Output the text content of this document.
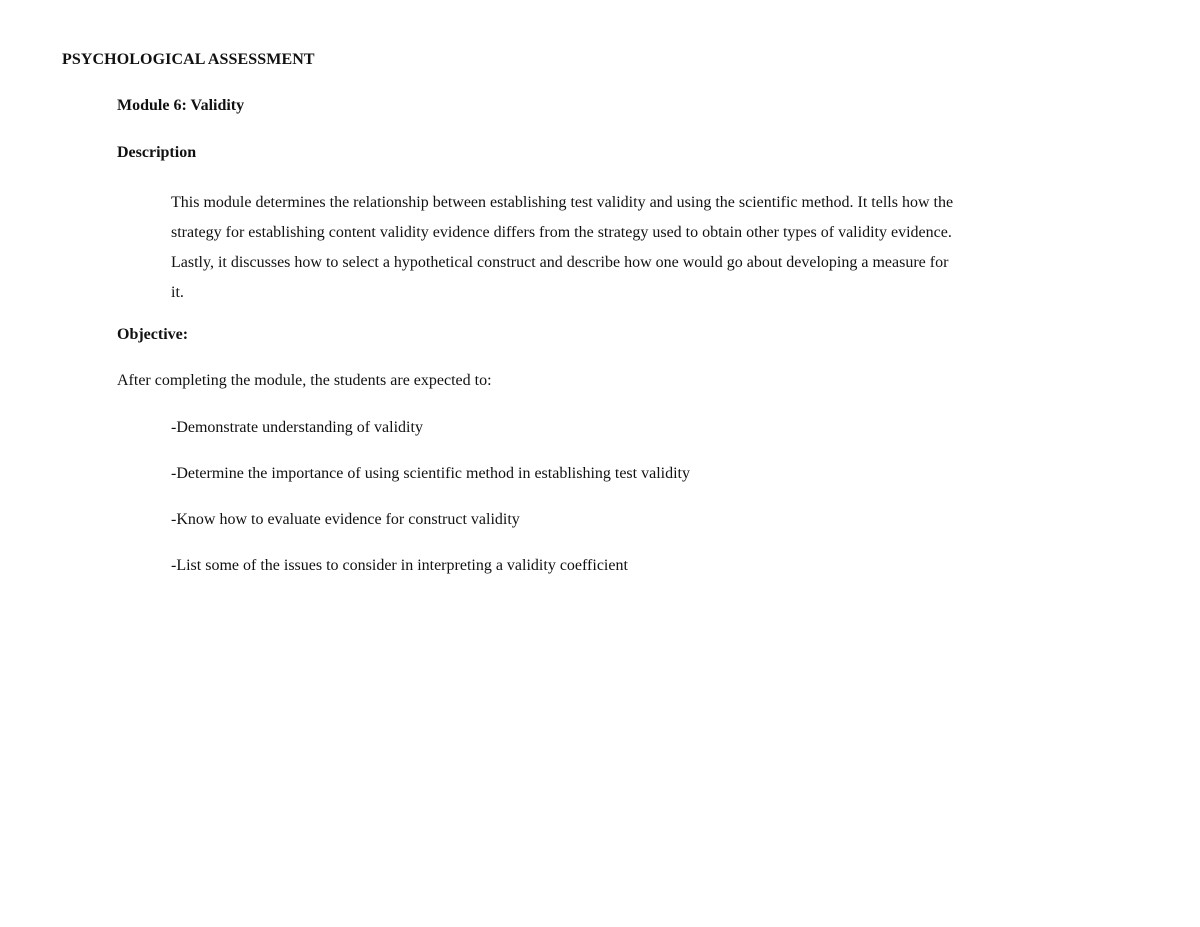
PSYCHOLOGICAL ASSESSMENT
Module 6: Validity
Description
This module determines the relationship between establishing test validity and using the scientific method. It tells how the
strategy for establishing content validity evidence differs from the strategy used to obtain other types of validity evidence.
Lastly, it discusses how to select a hypothetical construct and describe how one would go about developing a measure for
it.
Objective:
After completing the module, the students are expected to:
-Demonstrate understanding of validity
-Determine the importance of using scientific method in establishing test validity
-Know how to evaluate evidence for construct validity
-List some of the issues to consider in interpreting a validity coefficient
